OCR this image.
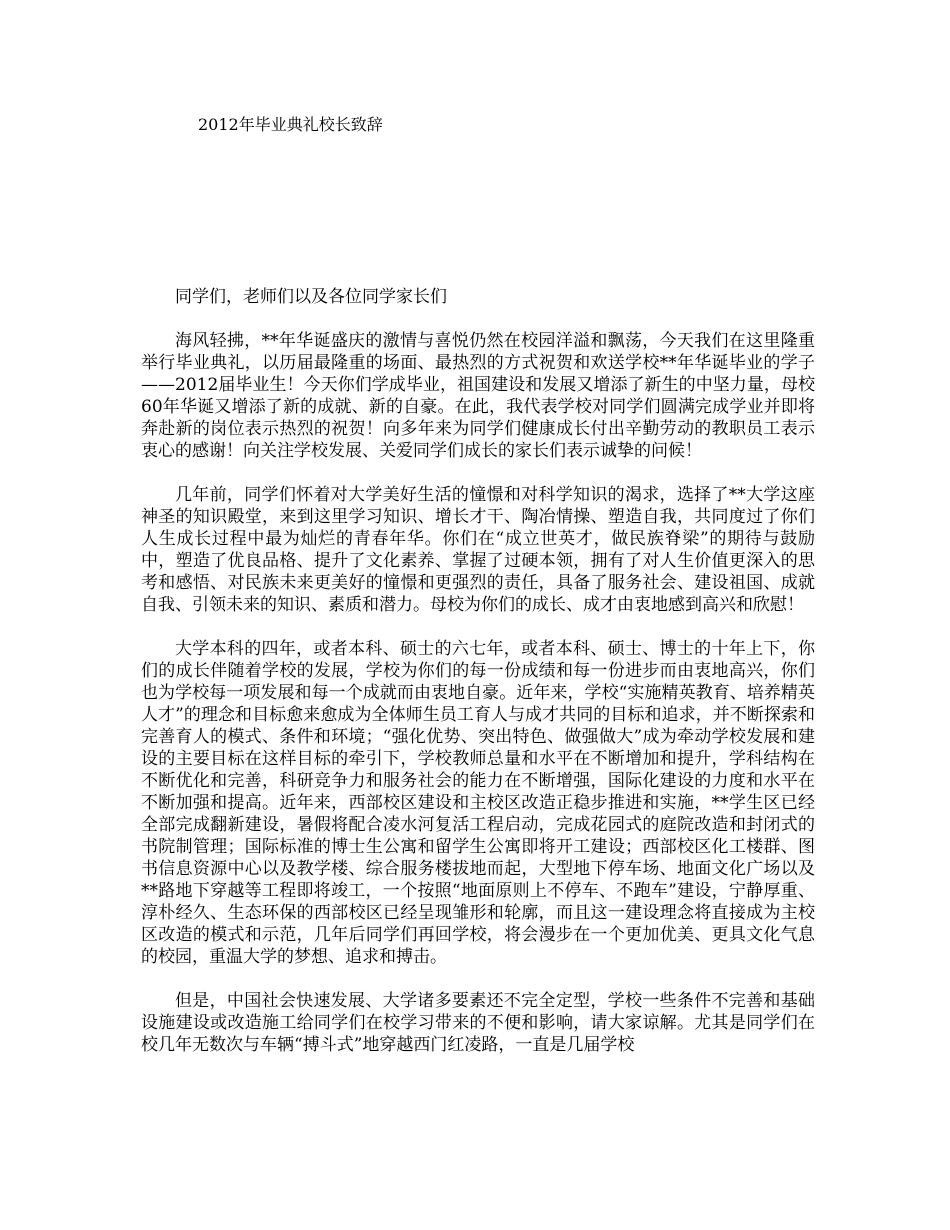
2012年毕业典礼校长致辞

同学们，老师们以及各位同学家长们

海风轻拂，**年华诞盛庆的激情与喜悦仍然在校园洋溢和飘荡，今天我们在这里隆重举行毕业典礼，以历届最隆重的场面、最热烈的方式祝贺和欢送学校**年华诞毕业的学子——2012届毕业生！今天你们学成毕业，祖国建设和发展又增添了新生的中坚力量，母校60年华诞又增添了新的成就、新的自豪。在此，我代表学校对同学们圆满完成学业并即将奔赴新的岗位表示热烈的祝贺！向多年来为同学们健康成长付出辛勤劳动的教职员工表示衷心的感谢！向关注学校发展、关爱同学们成长的家长们表示诚挚的问候！

几年前，同学们怀着对大学美好生活的憧憬和对科学知识的渴求，选择了**大学这座神圣的知识殿堂，来到这里学习知识、增长才干、陶冶情操、塑造自我，共同度过了你们人生成长过程中最为灿烂的青春年华。你们在“成立世英才，做民族脊梁”的期待与鼓励中，塑造了优良品格、提升了文化素养、掌握了过硬本领，拥有了对人生价值更深入的思考和感悟、对民族未来更美好的憧憬和更强烈的责任，具备了服务社会、建设祖国、成就自我、引领未来的知识、素质和潜力。母校为你们的成长、成才由衷地感到高兴和欣慰！

大学本科的四年，或者本科、硕士的六七年，或者本科、硕士、博士的十年上下，你们的成长伴随着学校的发展，学校为你们的每一份成绩和每一份进步而由衷地高兴，你们也为学校每一项发展和每一个成就而由衷地自豪。近年来，学校“实施精英教育、培养精英人才”的理念和目标愈来愈成为全体师生员工育人与成才共同的目标和追求，并不断探索和完善育人的模式、条件和环境；“强化优势、突出特色、做强做大”成为牵动学校发展和建设的主要目标在这样目标的牵引下，学校教师总量和水平在不断增加和提升，学科结构在不断优化和完善，科研竞争力和服务社会的能力在不断增强，国际化建设的力度和水平在不断加强和提高。近年来，西部校区建设和主校区改造正稳步推进和实施，**学生区已经全部完成翻新建设，暑假将配合凌水河复活工程启动，完成花园式的庭院改造和封闭式的书院制管理；国际标准的博士生公寓和留学生公寓即将开工建设；西部校区化工楼群、图书信息资源中心以及教学楼、综合服务楼拔地而起，大型地下停车场、地面文化广场以及**路地下穿越等工程即将竣工，一个按照“地面原则上不停车、不跑车”建设，宁静厚重、淳朴经久、生态环保的西部校区已经呈现雏形和轮廓，而且这一建设理念将直接成为主校区改造的模式和示范，几年后同学们再回学校，将会漫步在一个更加优美、更具文化气息的校园，重温大学的梦想、追求和搏击。

但是，中国社会快速发展、大学诸多要素还不完全定型，学校一些条件不完善和基础设施建设或改造施工给同学们在校学习带来的不便和影响，请大家谅解。尤其是同学们在校几年无数次与车辆“搏斗式”地穿越西门红凌路，一直是几届学校
